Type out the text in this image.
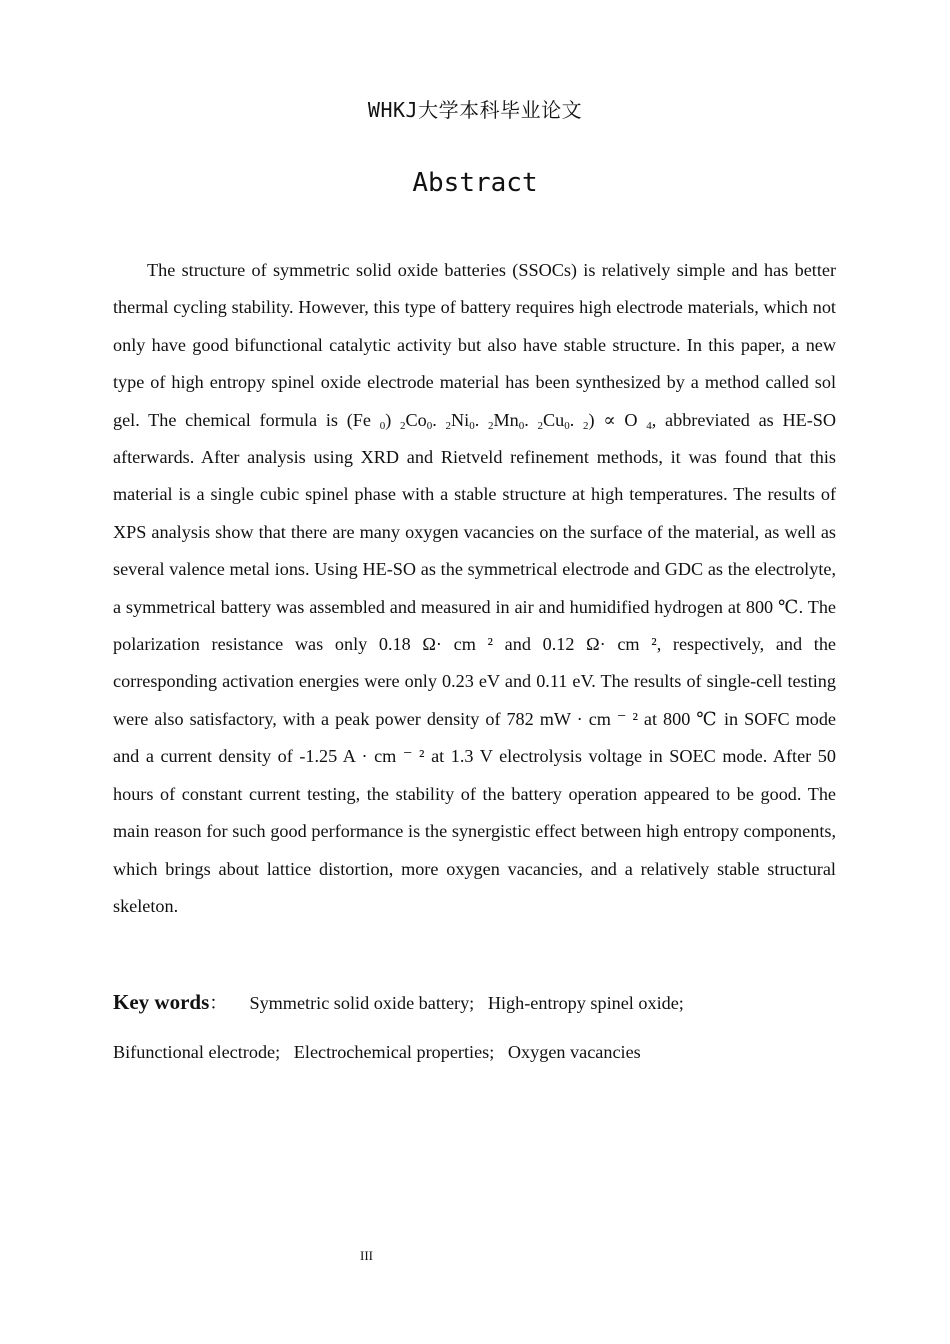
WHKJ大学本科毕业论文
Abstract

The structure of symmetric solid oxide batteries (SSOCs) is relatively simple and has better thermal cycling stability. However, this type of battery requires high electrode materials, which not only have good bifunctional catalytic activity but also have stable structure. In this paper, a new type of high entropy spinel oxide electrode material has been synthesized by a method called sol gel. The chemical formula is (Fe $_0$) $_2Co_0$. $_2Ni_0$. $_2Mn_0$. $_2Cu_0$. $_2$) ∝ O $_4$, abbreviated as HE-SO afterwards. After analysis using XRD and Rietveld refinement methods, it was found that this material is a single cubic spinel phase with a stable structure at high temperatures. The results of XPS analysis show that there are many oxygen vacancies on the surface of the material, as well as several valence metal ions. Using HE-SO as the symmetrical electrode and GDC as the electrolyte, a symmetrical battery was assembled and measured in air and humidified hydrogen at 800 ℃. The polarization resistance was only 0.18 Ω· cm ² and 0.12 Ω· cm ², respectively, and the corresponding activation energies were only 0.23 eV and 0.11 eV. The results of single-cell testing were also satisfactory, with a peak power density of 782 mW · cm ⁻ ² at 800 ℃ in SOFC mode and a current density of -1.25 A · cm ⁻ ² at 1.3 V electrolysis voltage in SOEC mode. After 50 hours of constant current testing, the stability of the battery operation appeared to be good. The main reason for such good performance is the synergistic effect between high entropy components, which brings about lattice distortion, more oxygen vacancies, and a relatively stable structural skeleton.

Key words： Symmetric solid oxide battery;   High-entropy spinel oxide;
Bifunctional electrode;   Electrochemical properties;   Oxygen vacancies
III
